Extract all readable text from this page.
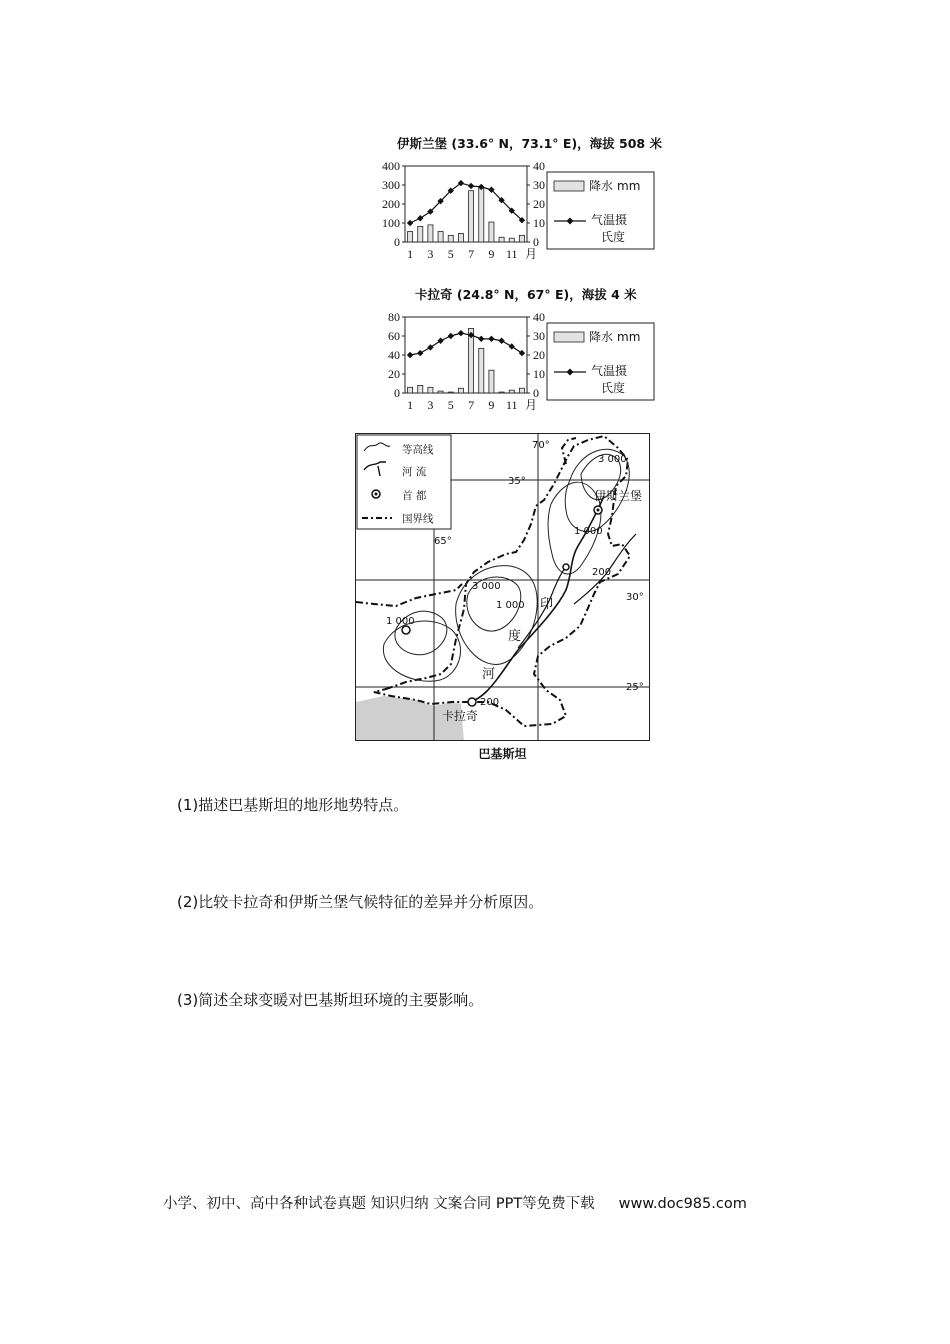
伊斯兰堡 (33.6° N，73.1° E)，海拔 508 米
0
100
200
300
400
0
10
20
30
40
1 3 5 7 9 11 月
降水 mm
气温摄
氏度
卡拉奇 (24.8° N，67° E)，海拔 4 米
0
20
40
60
80
0
10
20
30
40
1 3 5 7 9 11 月
降水 mm
气温摄
氏度
等高线
河 流
首 都
国界线
70°
65°
35°
30°
25°
伊斯兰堡
卡拉奇
3 000
1 000
200
3 000
1 000
1 000
200
印
度
河
巴基斯坦
(1)描述巴基斯坦的地形地势特点。
(2)比较卡拉奇和伊斯兰堡气候特征的差异并分析原因。
(3)简述全球变暖对巴基斯坦环境的主要影响。
小学、初中、高中各种试卷真题 知识归纳 文案合同 PPT等免费下载 www.doc985.com
